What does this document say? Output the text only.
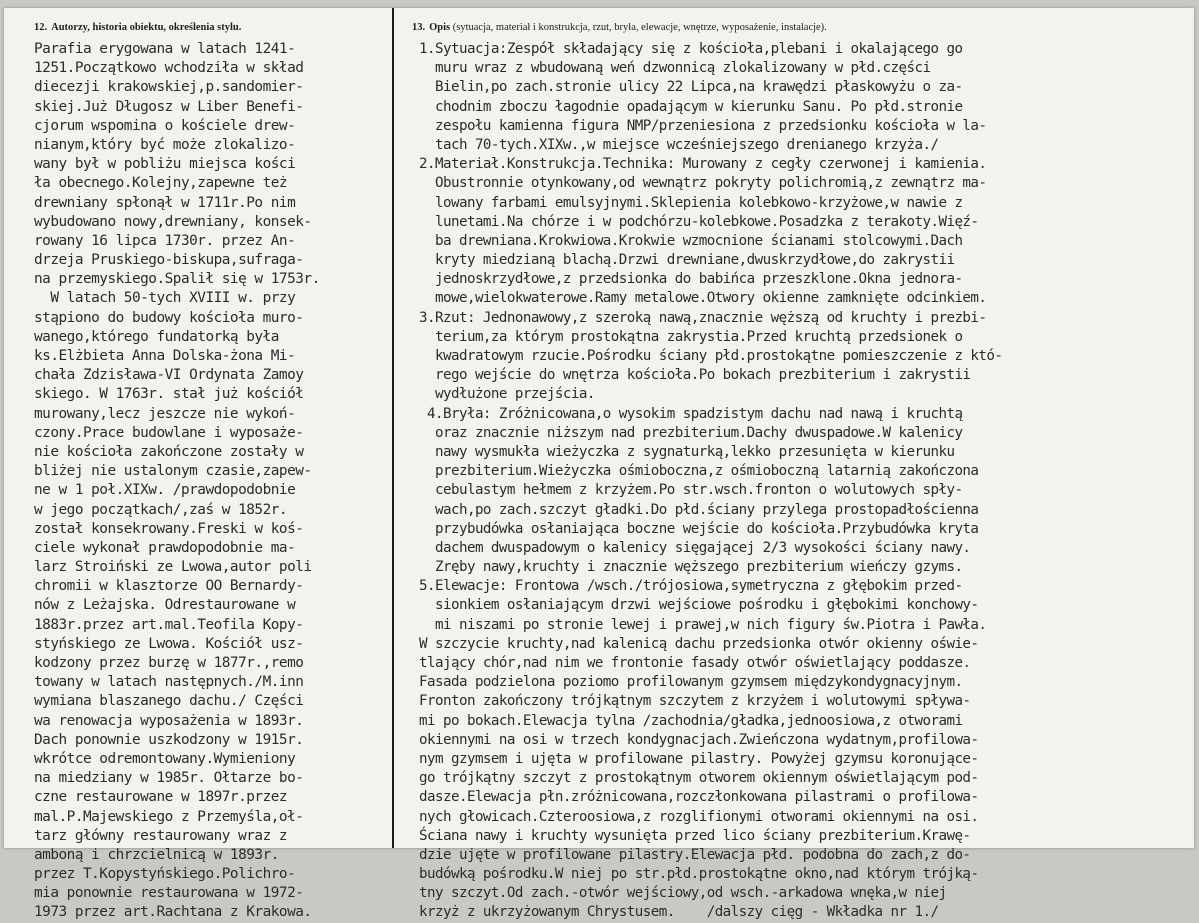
12. Autorzy, historia obiektu, określenia stylu.	13. Opis (sytuacja, materiał i konstrukcja, rzut, bryła, elewacje, wnętrze, wyposażenie, instalacje).
Parafia erygowana w latach 1241-
1251.Początkowo wchodziła w skład
diecezji krakowskiej,p.sandomier-
skiej.Już Długosz w Liber Benefi-
cjorum wspomina o kościele drew-
nianym,który być może zlokalizo-
wany był w pobliżu miejsca kości
ła obecnego.Kolejny,zapewne też
drewniany spłonął w 1711r.Po nim
wybudowano nowy,drewniany, konsek-
rowany 16 lipca 1730r. przez An-
drzeja Pruskiego-biskupa,sufraga-
na przemyskiego.Spalił się w 1753r.
W latach 50-tych XVIII w. przy
stąpiono do budowy kościoła muro-
wanego,którego fundatorką była
ks.Elżbieta Anna Dolska-żona Mi-
chała Zdzisława-VI Ordynata Zamoy
skiego. W 1763r. stał już kościół
murowany,lecz jeszcze nie wykoń-
czony.Prace budowlane i wyposaże-
nie kościoła zakończone zostały w
bliżej nie ustalonym czasie,zapew-
ne w 1 poł.XIXw. /prawdopodobnie
w jego początkach/,zaś w 1852r.
został konsekrowany.Freski w koś-
ciele wykonał prawdopodobnie ma-
larz Stroiński ze Lwowa,autor poli
chromii w klasztorze OO Bernardy-
nów z Leżajska. Odrestaurowane w
1883r.przez art.mal.Teofila Kopy-
styńskiego ze Lwowa. Kościół usz-
kodzony przez burzę w 1877r.,remo
towany w latach następnych./M.inn
wymiana blaszanego dachu./ Części
wa renowacja wyposażenia w 1893r.
Dach ponownie uszkodzony w 1915r.
wkrótce odremontowany.Wymieniony
na miedziany w 1985r. Ołtarze bo-
czne restaurowane w 1897r.przez
mal.P.Majewskiego z Przemyśla,oł-
tarz główny restaurowany wraz z
amboną i chrzcielnicą w 1893r.
przez T.Kopystyńskiego.Polichro-
mia ponownie restaurowana w 1972-
1973 przez art.Rachtana z Krakowa.
1.Sytuacja:Zespół składający się z kościoła,plebani i okalającego go
muru wraz z wbudowaną weń dzwonnicą zlokalizowany w płd.części
Bielin,po zach.stronie ulicy 22 Lipca,na krawędzi płaskowyżu o za-
chodnim zboczu łagodnie opadającym w kierunku Sanu. Po płd.stronie
zespołu kamienna figura NMP/przeniesiona z przedsionku kościoła w la-
tach 70-tych.XIXw.,w miejsce wcześniejszego drenianego krzyża./
2.Materiał.Konstrukcja.Technika: Murowany z cegły czerwonej i kamienia.
Obustronnie otynkowany,od wewnątrz pokryty polichromią,z zewnątrz ma-
lowany farbami emulsyjnymi.Sklepienia kolebkowo-krzyżowe,w nawie z
lunetami.Na chórze i w podchórzu-kolebkowe.Posadzka z terakoty.Więź-
ba drewniana.Krokwiowa.Krokwie wzmocnione ścianami stolcowymi.Dach
kryty miedzianą blachą.Drzwi drewniane,dwuskrzydłowe,do zakrystii
jednoskrzydłowe,z przedsionka do babińca przeszklone.Okna jednora-
mowe,wielokwaterowe.Ramy metalowe.Otwory okienne zamknięte odcinkiem.
3.Rzut: Jednonawowy,z szeroką nawą,znacznie węższą od kruchty i prezbi-
terium,za którym prostokątna zakrystia.Przed kruchtą przedsionek o
kwadratowym rzucie.Pośrodku ściany płd.prostokątne pomieszczenie z któ-
rego wejście do wnętrza kościoła.Po bokach prezbiterium i zakrystii
wydłużone przejścia.
4.Bryła: Zróżnicowana,o wysokim spadzistym dachu nad nawą i kruchtą
oraz znacznie niższym nad prezbiterium.Dachy dwuspadowe.W kalenicy
nawy wysmukła wieżyczka z sygnaturką,lekko przesunięta w kierunku
prezbiterium.Wieżyczka ośmioboczna,z ośmioboczną latarnią zakończona
cebulastym hełmem z krzyżem.Po str.wsch.fronton o wolutowych spły-
wach,po zach.szczyt gładki.Do płd.ściany przylega prostopadłościenna
przybudówka osłaniająca boczne wejście do kościoła.Przybudówka kryta
dachem dwuspadowym o kalenicy sięgającej 2/3 wysokości ściany nawy.
Zręby nawy,kruchty i znacznie węższego prezbiterium wieńczy gzyms.
5.Elewacje: Frontowa /wsch./trójosiowa,symetryczna z głębokim przed-
sionkiem osłaniającym drzwi wejściowe pośrodku i głębokimi konchowy-
mi niszami po stronie lewej i prawej,w nich figury św.Piotra i Pawła.
W szczycie kruchty,nad kalenicą dachu przedsionka otwór okienny oświe-
tlający chór,nad nim we frontonie fasady otwór oświetlający poddasze.
Fasada podzielona poziomo profilowanym gzymsem międzykondygnacyjnym.
Fronton zakończony trójkątnym szczytem z krzyżem i wolutowymi spływa-
mi po bokach.Elewacja tylna /zachodnia/gładka,jednoosiowa,z otworami
okiennymi na osi w trzech kondygnacjach.Zwieńczona wydatnym,profilowa-
nym gzymsem i ujęta w profilowane pilastry. Powyżej gzymsu koronujące-
go trójkątny szczyt z prostokątnym otworem okiennym oświetlającym pod-
dasze.Elewacja płn.zróżnicowana,rozczłonkowana pilastrami o profilowa-
nych głowicach.Czteroosiowa,z rozglifionymi otworami okiennymi na osi.
Ściana nawy i kruchty wysunięta przed lico ściany prezbiterium.Krawę-
dzie ujęte w profilowane pilastry.Elewacja płd. podobna do zach,z do-
budówką pośrodku.W niej po str.płd.prostokątne okno,nad którym trójką-
tny szczyt.Od zach.-otwór wejściowy,od wsch.-arkadowa wnęka,w niej
krzyż z ukrzyżowanym Chrystusem.    /dalszy cięg - Wkładka nr 1./
